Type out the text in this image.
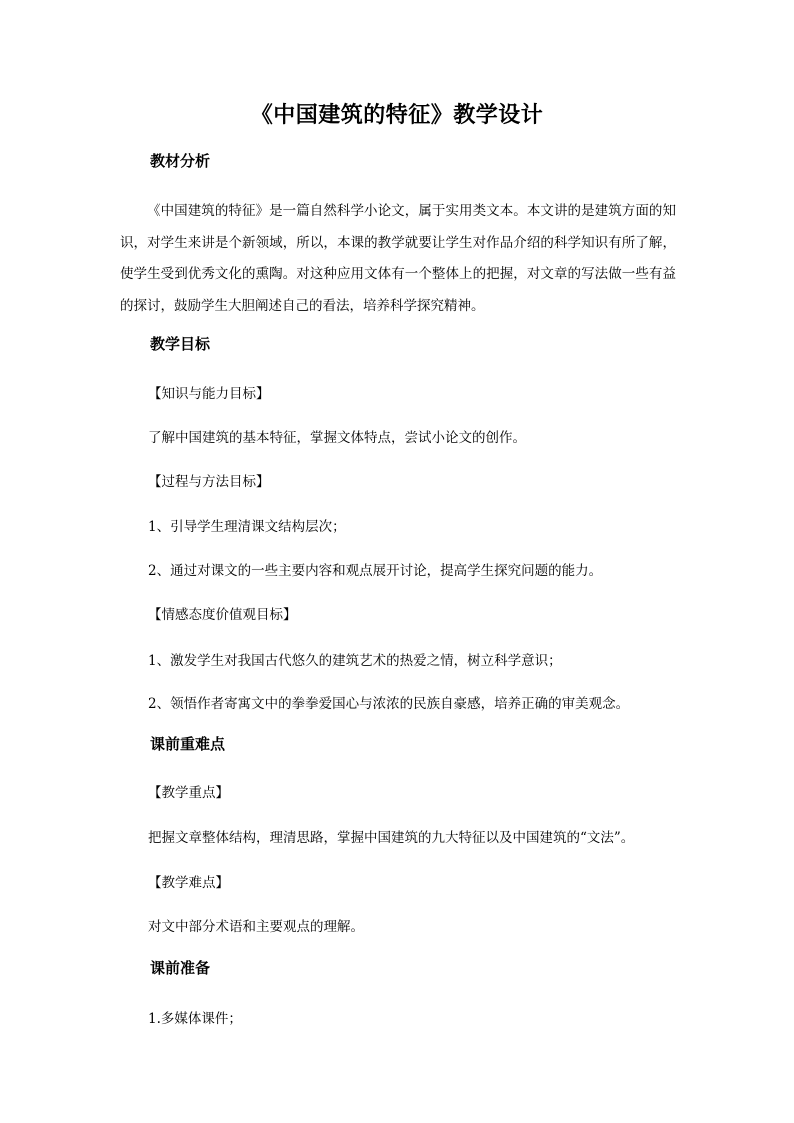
《中国建筑的特征》教学设计
教材分析
《中国建筑的特征》是一篇自然科学小论文，属于实用类文本。本文讲的是建筑方面的知识，对学生来讲是个新领域，所以，本课的教学就要让学生对作品介绍的科学知识有所了解，使学生受到优秀文化的熏陶。对这种应用文体有一个整体上的把握，对文章的写法做一些有益的探讨，鼓励学生大胆阐述自己的看法，培养科学探究精神。
教学目标
【知识与能力目标】
了解中国建筑的基本特征，掌握文体特点，尝试小论文的创作。
【过程与方法目标】
1、引导学生理清课文结构层次；
2、通过对课文的一些主要内容和观点展开讨论，提高学生探究问题的能力。
【情感态度价值观目标】
1、激发学生对我国古代悠久的建筑艺术的热爱之情，树立科学意识；
2、领悟作者寄寓文中的拳拳爱国心与浓浓的民族自豪感，培养正确的审美观念。
课前重难点
【教学重点】
把握文章整体结构，理清思路，掌握中国建筑的九大特征以及中国建筑的“文法”。
【教学难点】
对文中部分术语和主要观点的理解。
课前准备
1.多媒体课件；
